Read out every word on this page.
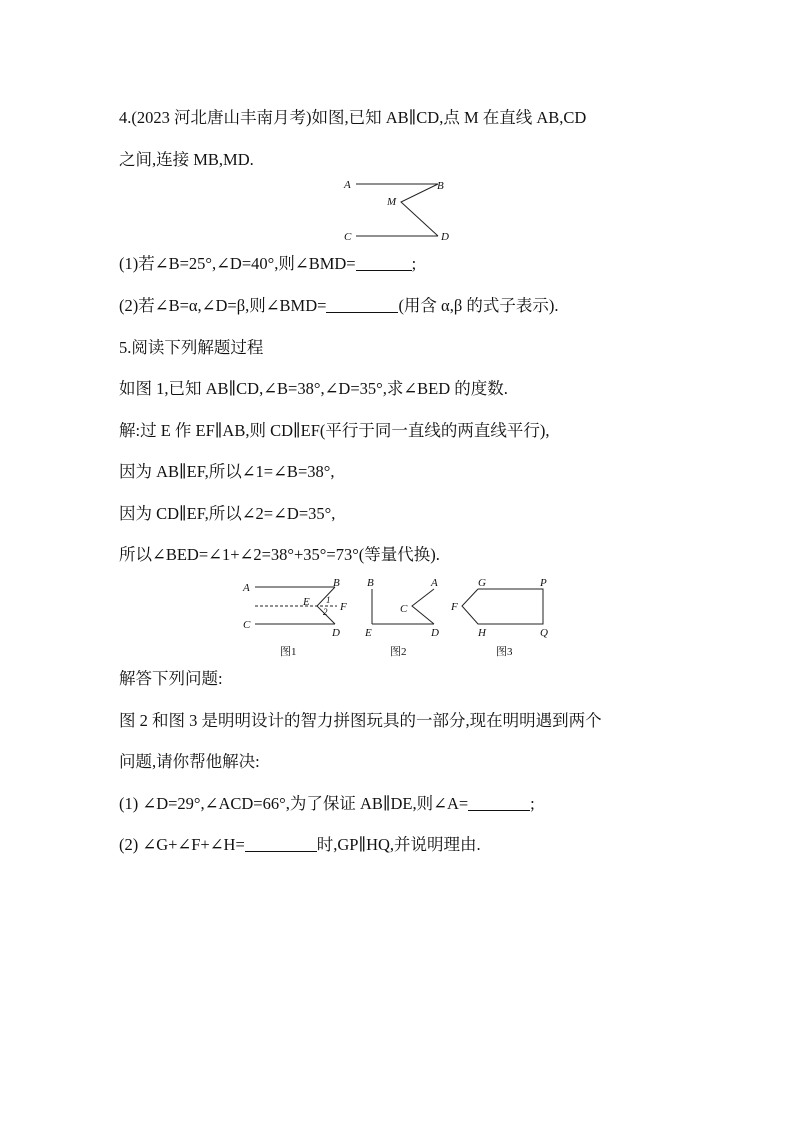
4.(2023 河北唐山丰南月考)如图,已知 AB∥CD,点 M 在直线 AB,CD
之间,连接 MB,MD.
A	B
M
C	D
(1)若∠B=25°,∠D=40°,则∠BMD=	;
(2)若∠B=α,∠D=β,则∠BMD=	(用含 α,β 的式子表示).
5.阅读下列解题过程
如图 1,已知 AB∥CD,∠B=38°,∠D=35°,求∠BED 的度数.
解:过 E 作 EF∥AB,则 CD∥EF(平行于同一直线的两直线平行),
因为 AB∥EF,所以∠1=∠B=38°,
因为 CD∥EF,所以∠2=∠D=35°,
所以∠BED=∠1+∠2=38°+35°=73°(等量代换).
A	B
E 1
2 F
C
D
图1
B	A
C
E	D
图2
G	P
F
H	Q
图3
解答下列问题:
图 2 和图 3 是明明设计的智力拼图玩具的一部分,现在明明遇到两个
问题,请你帮他解决:
(1) ∠D=29°,∠ACD=66°,为了保证 AB∥DE,则∠A=	;
(2) ∠G+∠F+∠H=	时,GP∥HQ,并说明理由.
